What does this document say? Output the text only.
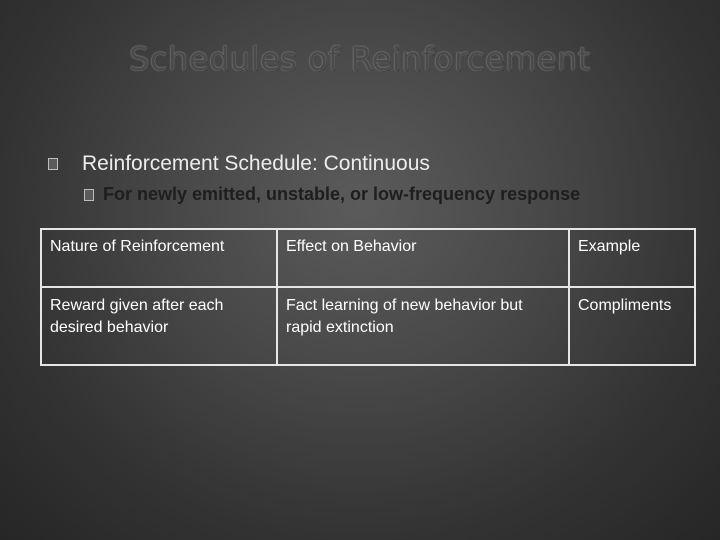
Schedules of Reinforcement
Reinforcement Schedule: Continuous
For newly emitted, unstable, or low-frequency response
Nature of Reinforcement	Effect on Behavior	Example
Reward given after each desired behavior	Fact learning of new behavior but rapid extinction	Compliments
